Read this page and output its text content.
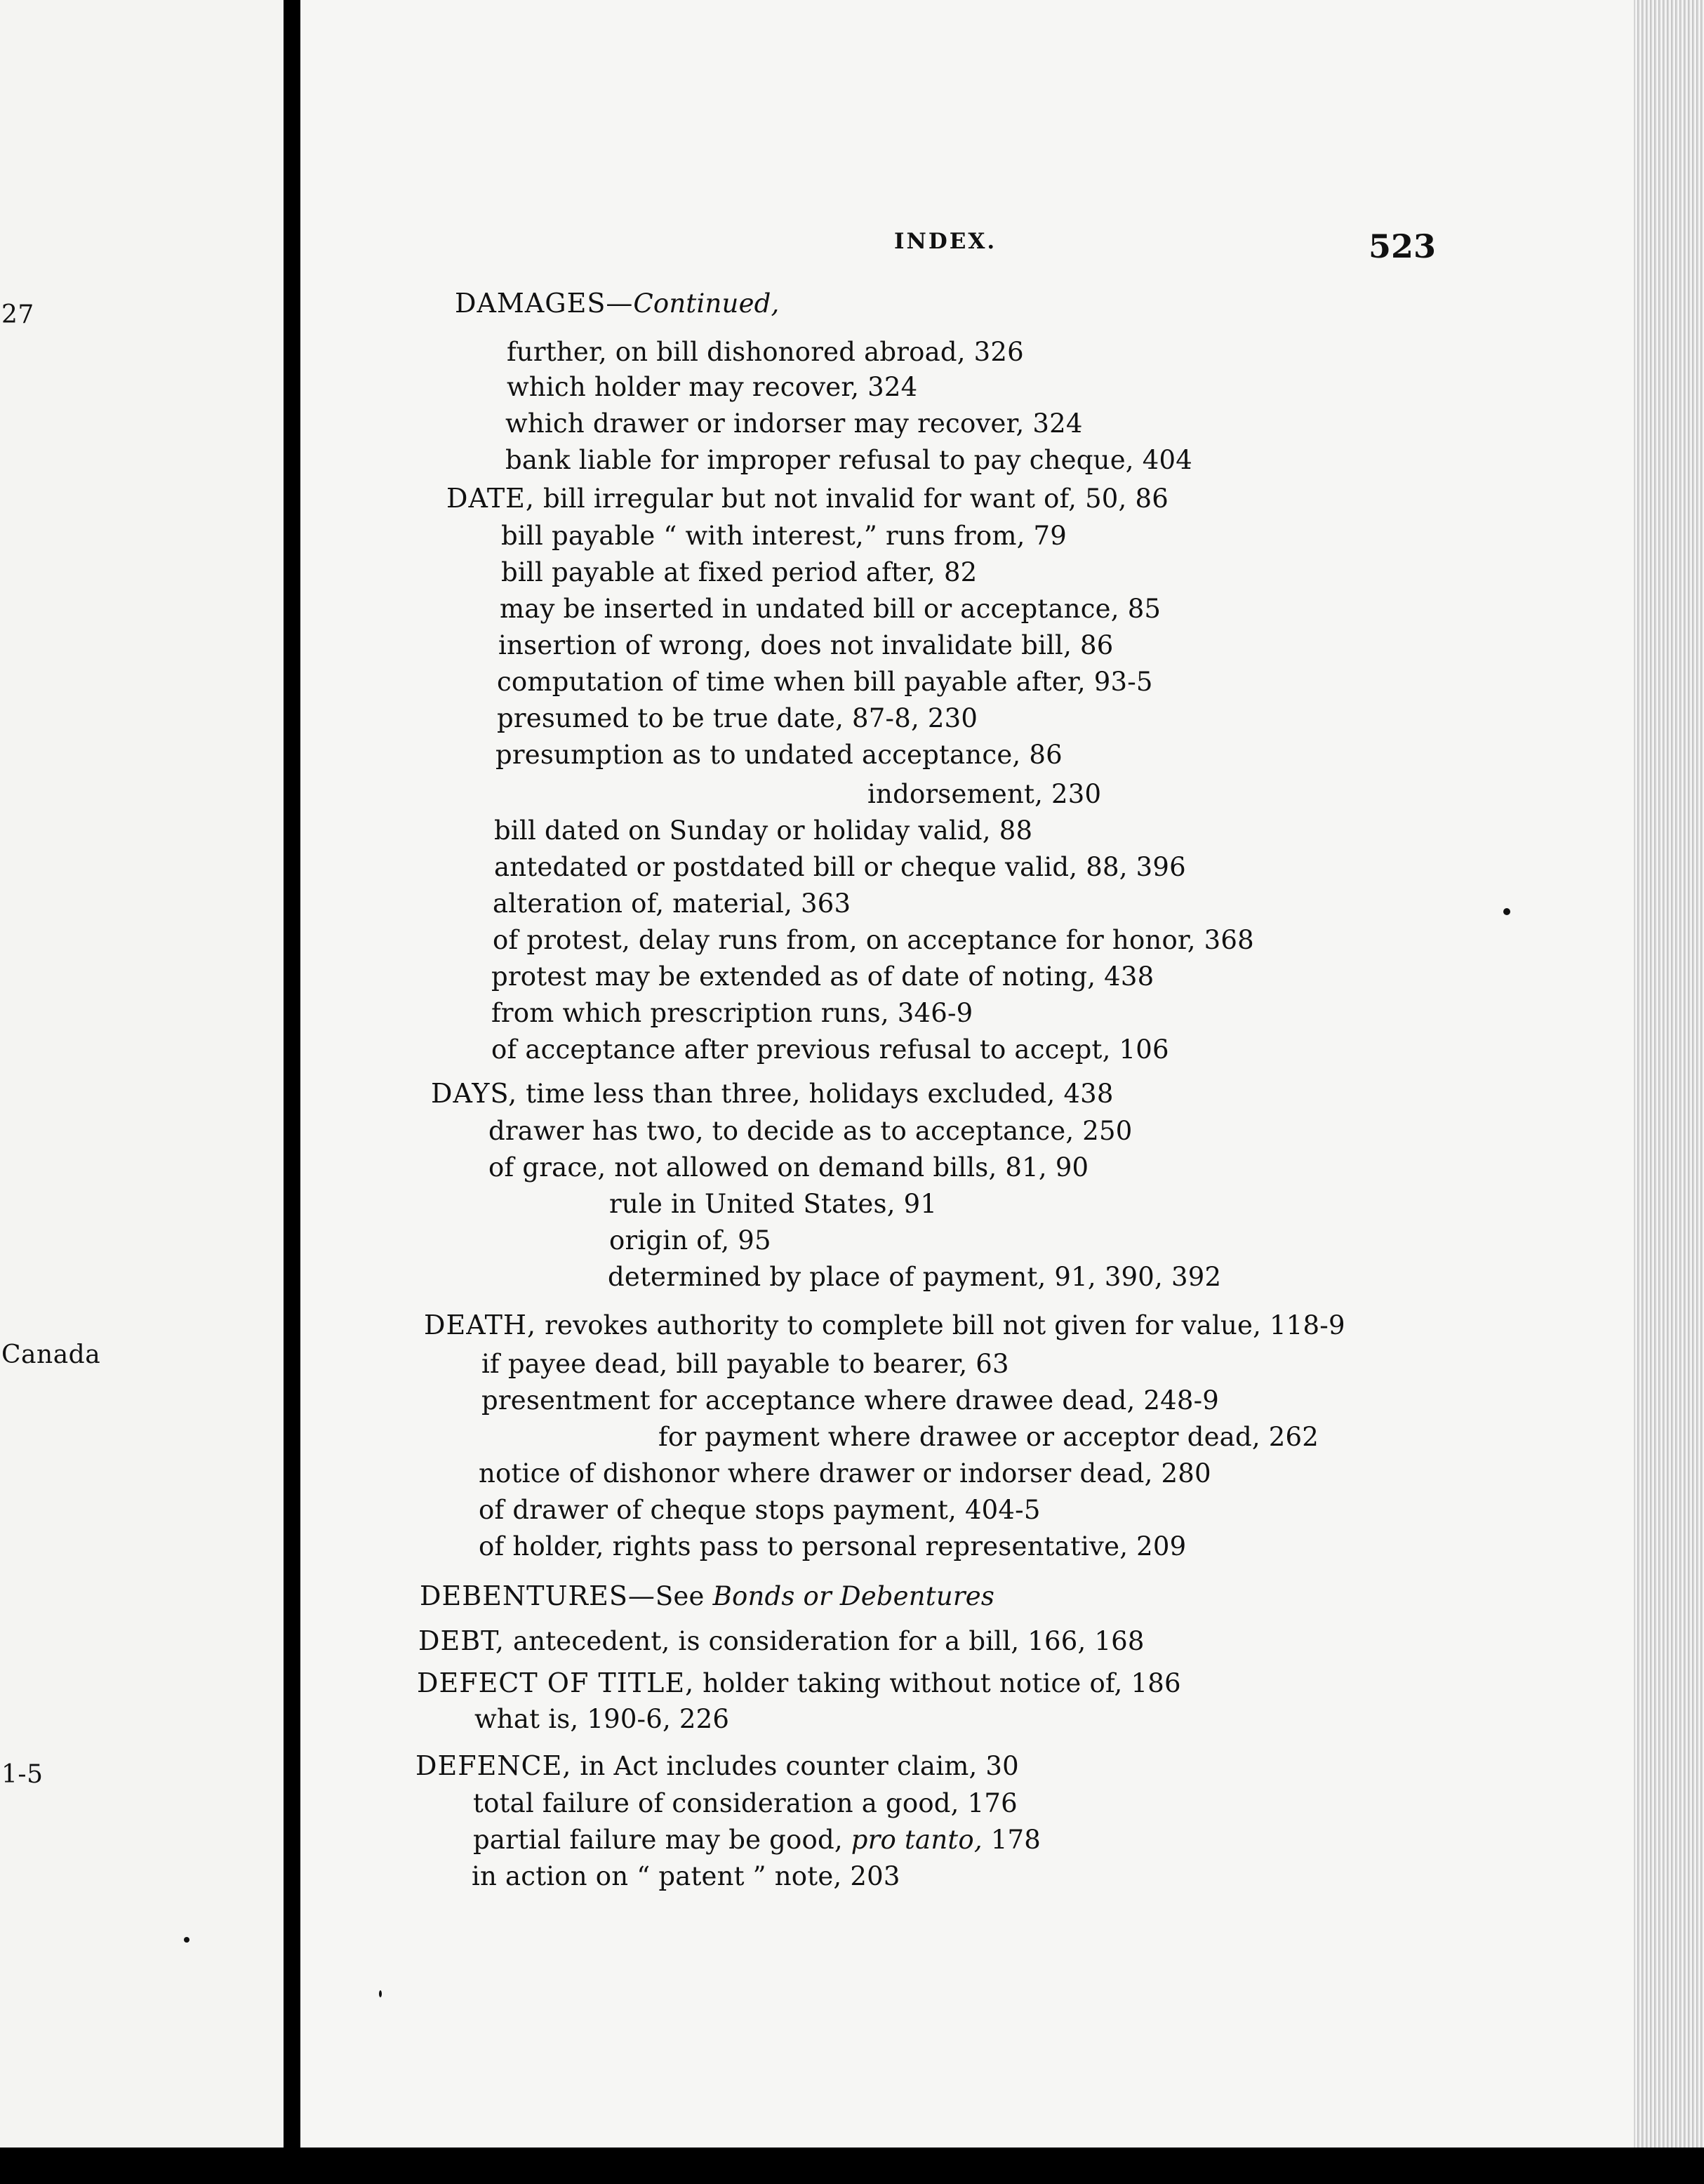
27
Canada
1-5
INDEX.	523
DAMAGES—Continued,
further, on bill dishonored abroad, 326
which holder may recover, 324
which drawer or indorser may recover, 324
bank liable for improper refusal to pay cheque, 404
DATE, bill irregular but not invalid for want of, 50, 86
bill payable “ with interest,” runs from, 79
bill payable at fixed period after, 82
may be inserted in undated bill or acceptance, 85
insertion of wrong, does not invalidate bill, 86
computation of time when bill payable after, 93-5
presumed to be true date, 87-8, 230
presumption as to undated acceptance, 86
indorsement, 230
bill dated on Sunday or holiday valid, 88
antedated or postdated bill or cheque valid, 88, 396
alteration of, material, 363
of protest, delay runs from, on acceptance for honor, 368
protest may be extended as of date of noting, 438
from which prescription runs, 346-9
of acceptance after previous refusal to accept, 106
DAYS, time less than three, holidays excluded, 438
drawer has two, to decide as to acceptance, 250
of grace, not allowed on demand bills, 81, 90
rule in United States, 91
origin of, 95
determined by place of payment, 91, 390, 392
DEATH, revokes authority to complete bill not given for value, 118-9
if payee dead, bill payable to bearer, 63
presentment for acceptance where drawee dead, 248-9
for payment where drawee or acceptor dead, 262
notice of dishonor where drawer or indorser dead, 280
of drawer of cheque stops payment, 404-5
of holder, rights pass to personal representative, 209
DEBENTURES—See Bonds or Debentures
DEBT, antecedent, is consideration for a bill, 166, 168
DEFECT OF TITLE, holder taking without notice of, 186
what is, 190-6, 226
DEFENCE, in Act includes counter claim, 30
total failure of consideration a good, 176
partial failure may be good, pro tanto, 178
in action on “ patent ” note, 203
